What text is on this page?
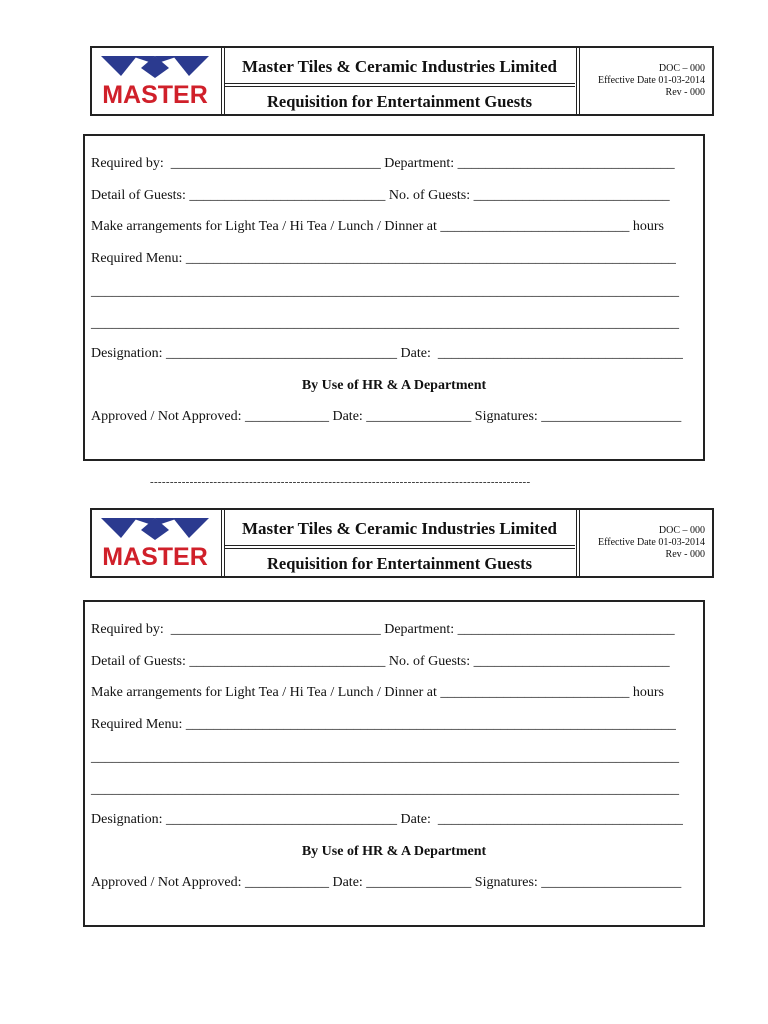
MASTER
Master Tiles & Ceramic Industries Limited
Requisition for Entertainment Guests
DOC – 000
Effective Date 01-03-2014
Rev - 000
Required by:  ______________________________ Department: _______________________________
Detail of Guests: ____________________________ No. of Guests: ____________________________
Make arrangements for Light Tea / Hi Tea / Lunch / Dinner at ___________________________ hours
Required Menu: ______________________________________________________________________
____________________________________________________________________________________
____________________________________________________________________________________
Designation: _________________________________ Date:  ___________________________________
By Use of HR & A Department
Approved / Not Approved: ____________ Date: _______________ Signatures: ____________________
------------------------------------------------------------------------------------------------
MASTER
Master Tiles & Ceramic Industries Limited
Requisition for Entertainment Guests
DOC – 000
Effective Date 01-03-2014
Rev - 000
Required by:  ______________________________ Department: _______________________________
Detail of Guests: ____________________________ No. of Guests: ____________________________
Make arrangements for Light Tea / Hi Tea / Lunch / Dinner at ___________________________ hours
Required Menu: ______________________________________________________________________
____________________________________________________________________________________
____________________________________________________________________________________
Designation: _________________________________ Date:  ___________________________________
By Use of HR & A Department
Approved / Not Approved: ____________ Date: _______________ Signatures: ____________________
